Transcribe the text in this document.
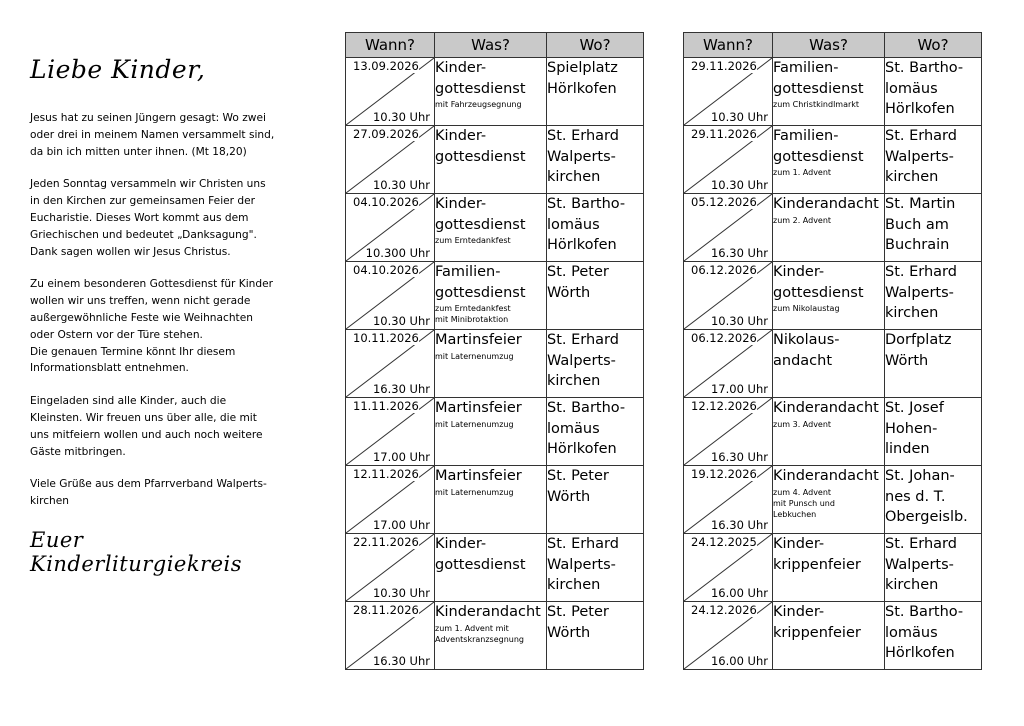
Liebe Kinder,
Jesus hat zu seinen Jüngern gesagt: Wo zwei
oder drei in meinem Namen versammelt sind,
da bin ich mitten unter ihnen. (Mt 18,20)
Jeden Sonntag versammeln wir Christen uns
in den Kirchen zur gemeinsamen Feier der
Eucharistie. Dieses Wort kommt aus dem
Griechischen und bedeutet „Danksagung".
Dank sagen wollen wir Jesus Christus.
Zu einem besonderen Gottesdienst für Kinder
wollen wir uns treffen, wenn nicht gerade
außergewöhnliche Feste wie Weihnachten
oder Ostern vor der Türe stehen.
Die genauen Termine könnt Ihr diesem
Informationsblatt entnehmen.
Eingeladen sind alle Kinder, auch die
Kleinsten. Wir freuen uns über alle, die mit
uns mitfeiern wollen und auch noch weitere
Gäste mitbringen.
Viele Grüße aus dem Pfarrverband Walperts-
kirchen
Euer Kinderliturgiekreis
Wann?	Was?	Wo?

13.09.2026
10.30 Uhr	Kinder-
gottesdienst
mit Fahrzeugsegnung	Spielplatz
Hörlkofen

27.09.2026
10.30 Uhr	Kinder-
gottesdienst	St. Erhard
Walperts-
kirchen

04.10.2026
10.300 Uhr	Kinder-
gottesdienst
zum Erntedankfest	St. Bartho-
lomäus
Hörlkofen

04.10.2026
10.30 Uhr	Familien-
gottesdienst
zum Erntedankfest
mit Minibrotaktion	St. Peter
Wörth

10.11.2026
16.30 Uhr	Martinsfeier
mit Laternenumzug	St. Erhard
Walperts-
kirchen

11.11.2026
17.00 Uhr	Martinsfeier
mit Laternenumzug	St. Bartho-
lomäus
Hörlkofen

12.11.2026
17.00 Uhr	Martinsfeier
mit Laternenumzug	St. Peter
Wörth

22.11.2026
10.30 Uhr	Kinder-
gottesdienst	St. Erhard
Walperts-
kirchen

28.11.2026
16.30 Uhr	Kinderandacht
zum 1. Advent mit
Adventskranzsegnung	St. Peter
Wörth
Wann?	Was?	Wo?

29.11.2026
10.30 Uhr	Familien-
gottesdienst
zum Christkindlmarkt	St. Bartho-
lomäus
Hörlkofen

29.11.2026
10.30 Uhr	Familien-
gottesdienst
zum 1. Advent	St. Erhard
Walperts-
kirchen

05.12.2026
16.30 Uhr	Kinderandacht
zum 2. Advent	St. Martin
Buch am
Buchrain

06.12.2026
10.30 Uhr	Kinder-
gottesdienst
zum Nikolaustag	St. Erhard
Walperts-
kirchen

06.12.2026
17.00 Uhr	Nikolaus-
andacht	Dorfplatz
Wörth

12.12.2026
16.30 Uhr	Kinderandacht
zum 3. Advent	St. Josef
Hohen-
linden

19.12.2026
16.30 Uhr	Kinderandacht
zum 4. Advent
mit Punsch und
Lebkuchen	St. Johan-
nes d. T.
Obergeislb.

24.12.2025
16.00 Uhr	Kinder-
krippenfeier	St. Erhard
Walperts-
kirchen

24.12.2026
16.00 Uhr	Kinder-
krippenfeier	St. Bartho-
lomäus
Hörlkofen
